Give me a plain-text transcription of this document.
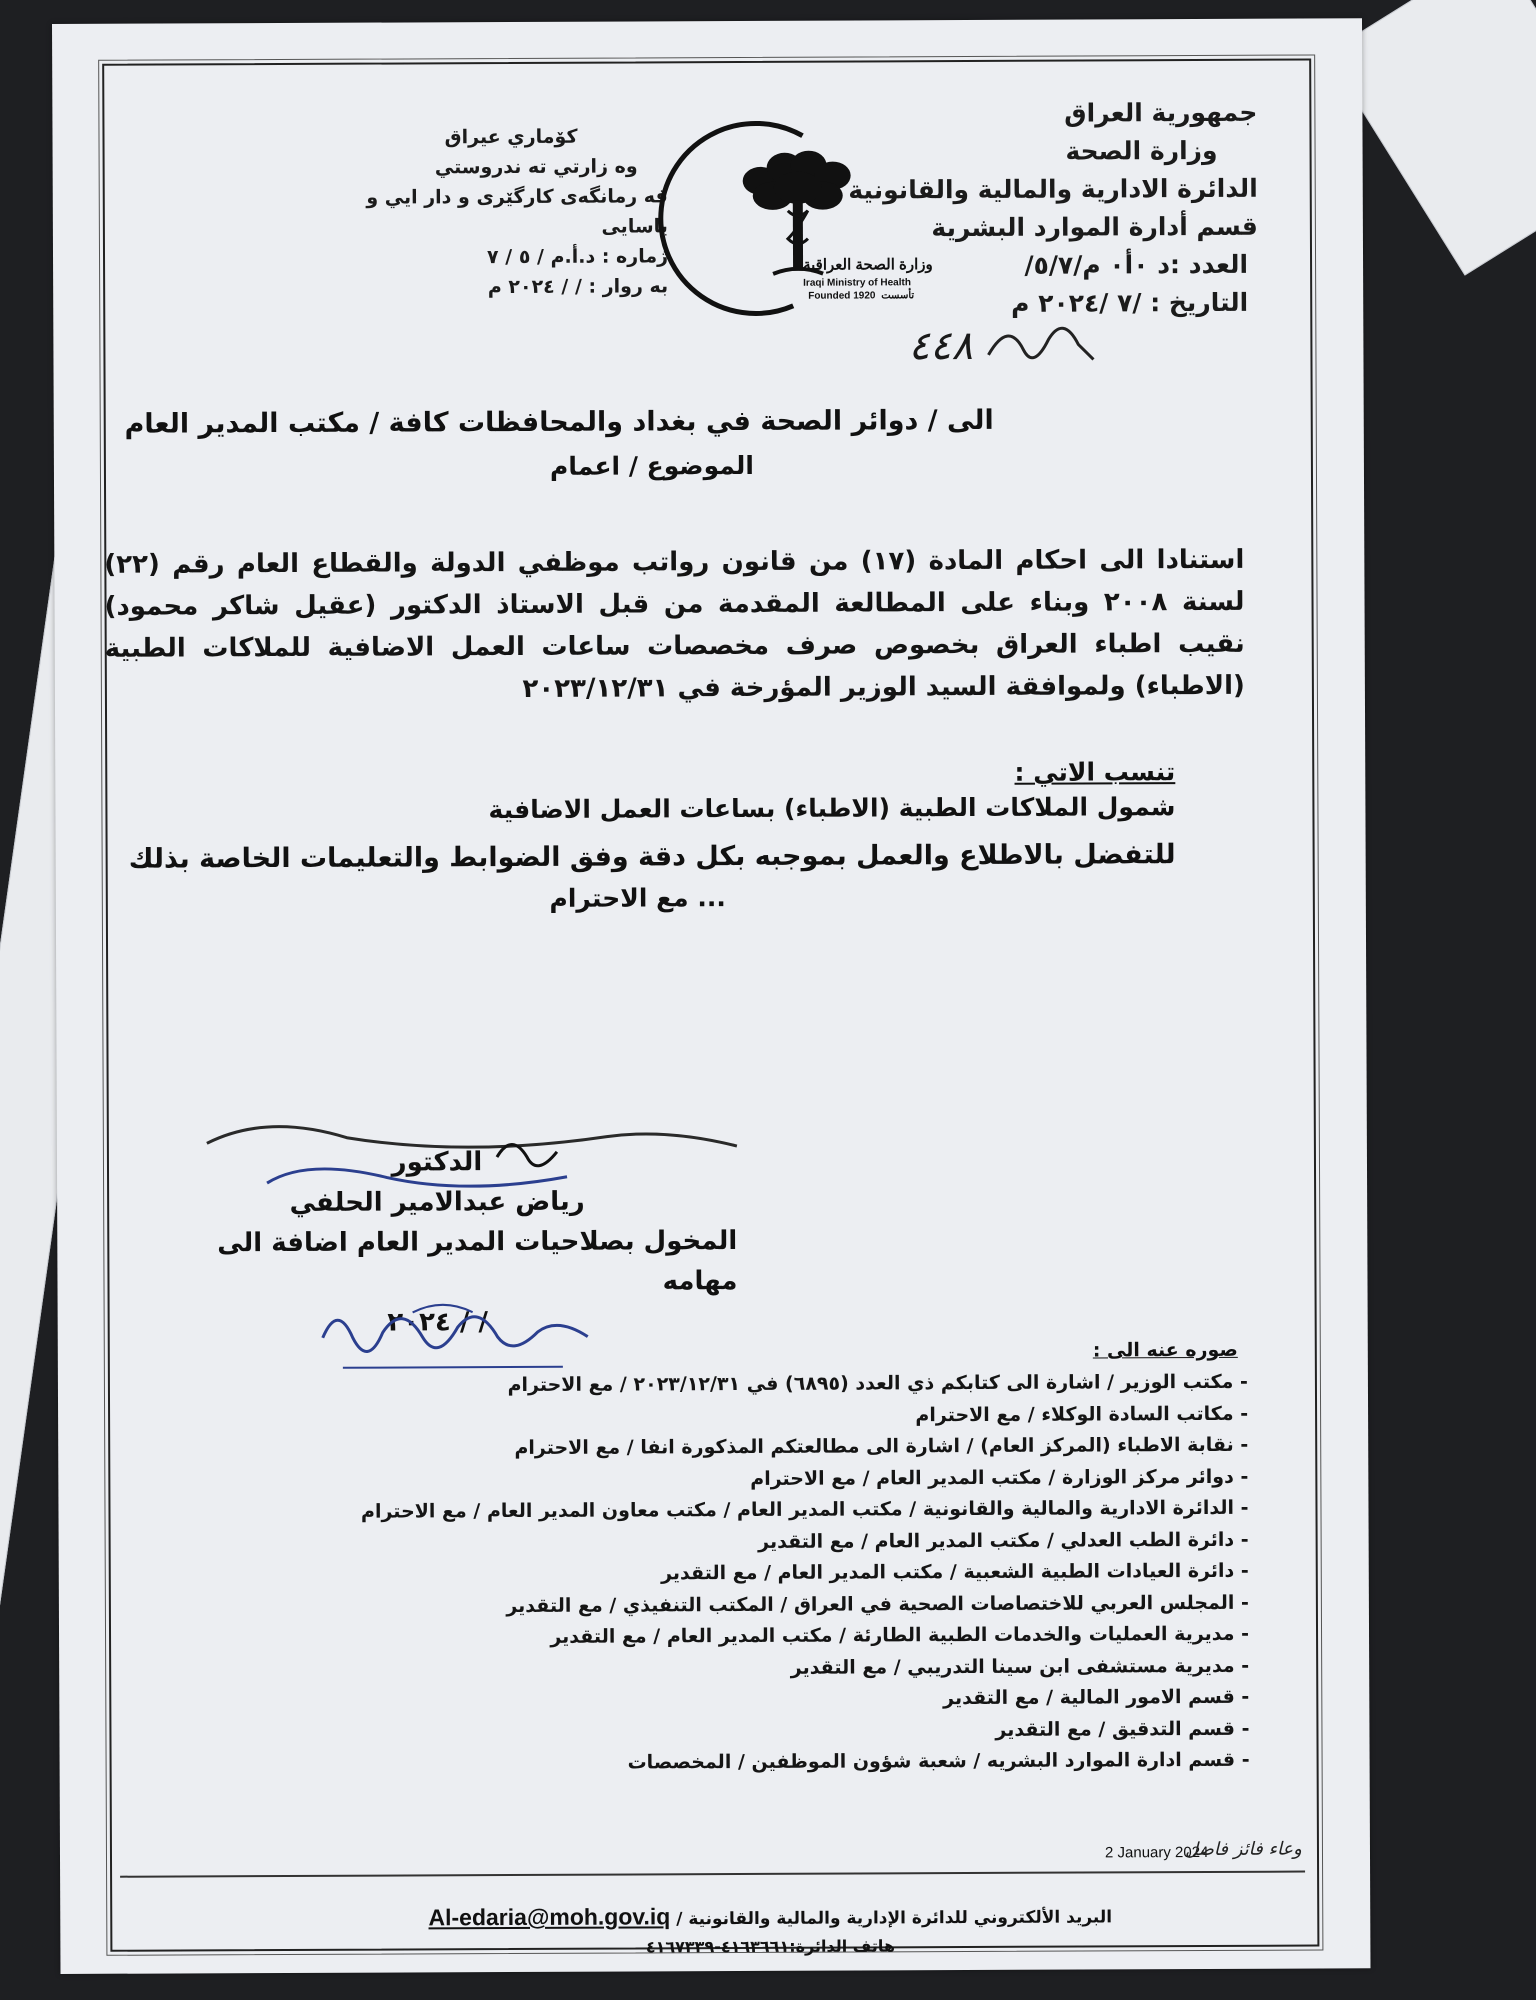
جمهورية العراق
وزارة الصحة
الدائرة الادارية والمالية والقانونية
قسم أدارة الموارد البشرية
العدد :د ٠أ٠ م/٥/٧/
التاريخ : /٧ /٢٠٢٤ م
كۆماري عيراق
وه زارتي ته ندروستي
فه رمانگەی کارگێری و دار ايي و ياسايى
ژماره : د.أ.م / ٥ / ٧
به روار : / / ٢٠٢٤ م
وزارة الصحة العراقية
Iraqi Ministry of Health
Founded 1920 تأسست
٤٤٨
الى / دوائر الصحة في بغداد والمحافظات كافة / مكتب المدير العام
الموضوع / اعمام
استنادا الى احكام المادة (١٧) من قانون رواتب موظفي الدولة والقطاع العام رقم (٢٢) لسنة ٢٠٠٨ وبناء على المطالعة المقدمة من قبل الاستاذ الدكتور (عقيل شاكر محمود) نقيب اطباء العراق بخصوص صرف مخصصات ساعات العمل الاضافية للملاكات الطبية (الاطباء) ولموافقة السيد الوزير المؤرخة في ٢٠٢٣/١٢/٣١
تنسب الاتي :
شمول الملاكات الطبية (الاطباء) بساعات العمل الاضافية
للتفضل بالاطلاع والعمل بموجبه بكل دقة وفق الضوابط والتعليمات الخاصة بذلك
... مع الاحترام
الدكتور
رياض عبدالامير الحلفي
المخول بصلاحيات المدير العام اضافة الى مهامه
/ / ٢٠٢٤
صوره عنه الى :
- مكتب الوزير / اشارة الى كتابكم ذي العدد (٦٨٩٥) في ٢٠٢٣/١٢/٣١ / مع الاحترام
- مكاتب السادة الوكلاء / مع الاحترام
- نقابة الاطباء (المركز العام) / اشارة الى مطالعتكم المذكورة انفا / مع الاحترام
- دوائر مركز الوزارة / مكتب المدير العام / مع الاحترام
- الدائرة الادارية والمالية والقانونية / مكتب المدير العام / مكتب معاون المدير العام / مع الاحترام
- دائرة الطب العدلي / مكتب المدير العام / مع التقدير
- دائرة العيادات الطبية الشعبية / مكتب المدير العام / مع التقدير
- المجلس العربي للاختصاصات الصحية في العراق / المكتب التنفيذي / مع التقدير
- مديرية العمليات والخدمات الطبية الطارئة / مكتب المدير العام / مع التقدير
- مديرية مستشفى ابن سينا التدريبي / مع التقدير
- قسم الامور المالية / مع التقدير
- قسم التدقيق / مع التقدير
- قسم ادارة الموارد البشريه / شعبة شؤون الموظفين / المخصصات
2 January 2024
وعاء فائز فاضل
البريد الألكتروني للدائرة الإدارية والمالية والقانونية / Al-edaria@moh.gov.iq
هاتف الدائرة:٤١٦٣٦٦١-٤١٦٧٣٣٩
